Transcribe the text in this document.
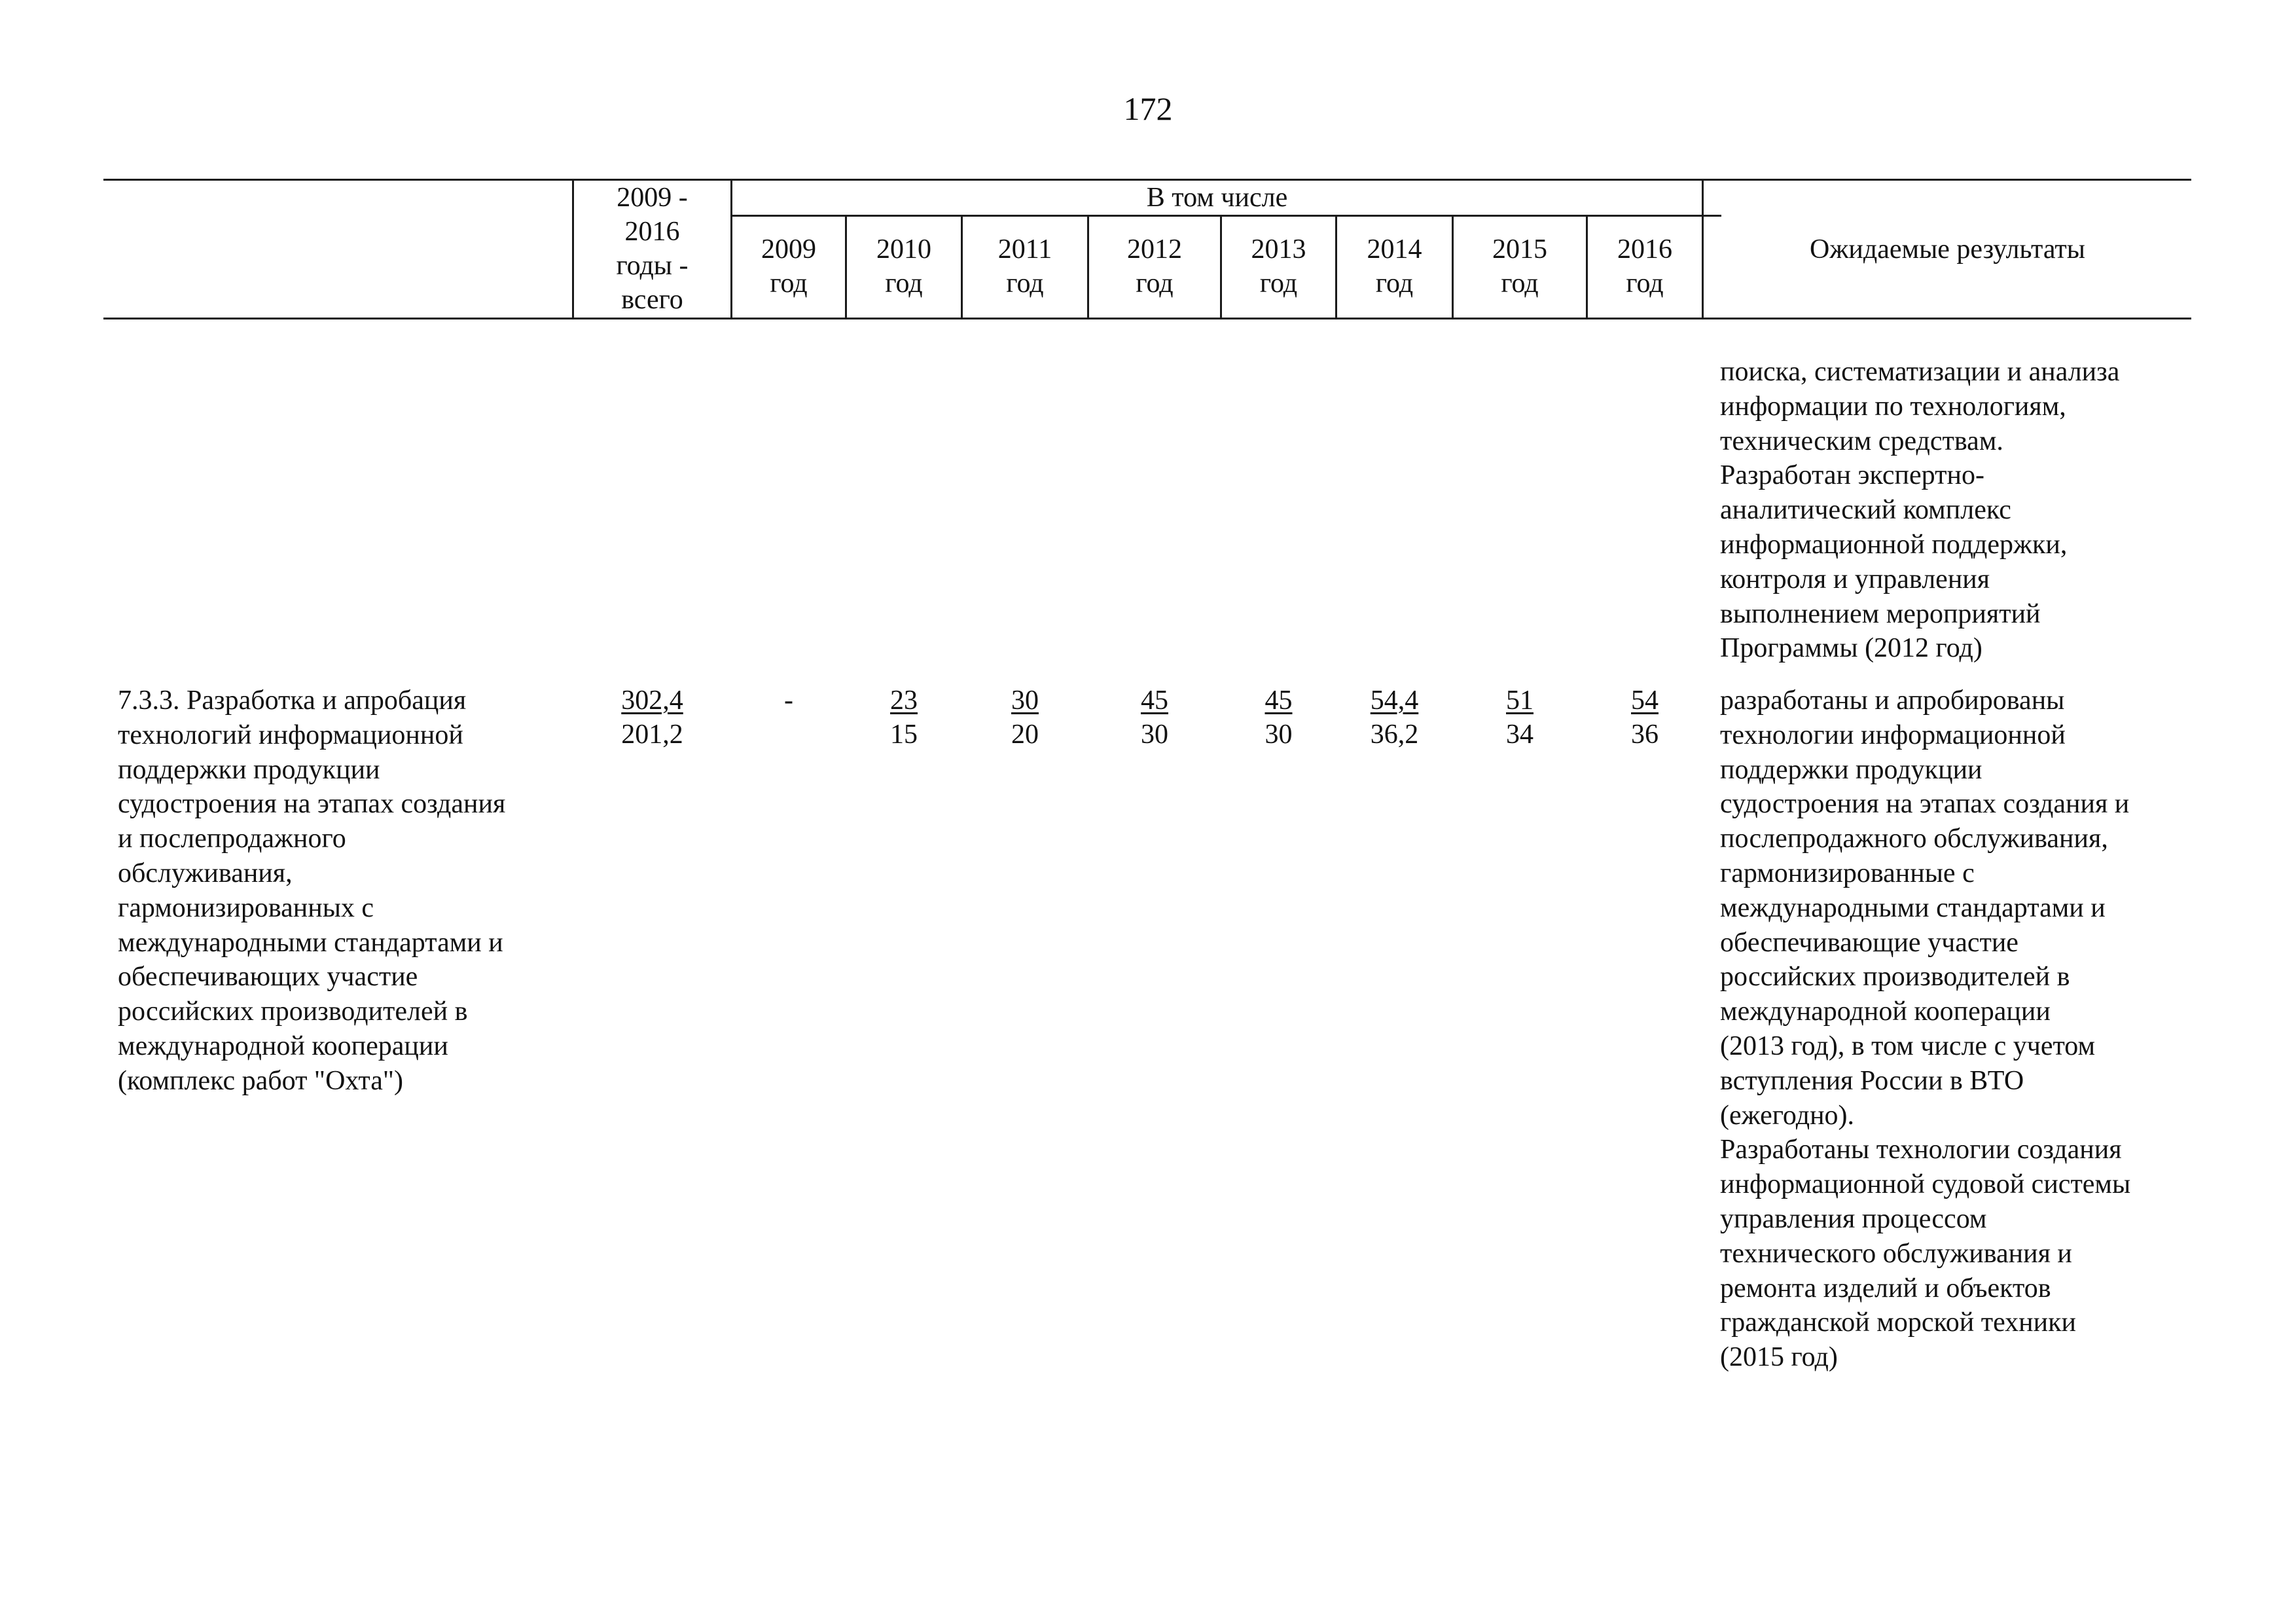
172
2009 -
2016
годы -
всего
В том числе
2009
год
2010
год
2011
год
2012
год
2013
год
2014
год
2015
год
2016
год
Ожидаемые результаты
поиска, систематизации и анализа
информации по технологиям,
техническим средствам.
Разработан экспертно-
аналитический комплекс
информационной поддержки,
контроля и управления
выполнением мероприятий
Программы (2012 год)
7.3.3. Разработка и апробация
технологий информационной
поддержки продукции
судостроения на этапах создания
и послепродажного
обслуживания,
гармонизированных с
международными стандартами и
обеспечивающих участие
российских производителей в
международной кооперации
(комплекс работ "Охта")
302,4
201,2
-	23
15
30
20
45
30
45
30
54,4
36,2
51
34
54
36
разработаны и апробированы
технологии информационной
поддержки продукции
судостроения на этапах создания и
послепродажного обслуживания,
гармонизированные с
международными стандартами и
обеспечивающие участие
российских производителей в
международной кооперации
(2013 год), в том числе с учетом
вступления России в ВТО
(ежегодно).
Разработаны технологии создания
информационной судовой системы
управления процессом
технического обслуживания и
ремонта изделий и объектов
гражданской морской техники
(2015 год)
